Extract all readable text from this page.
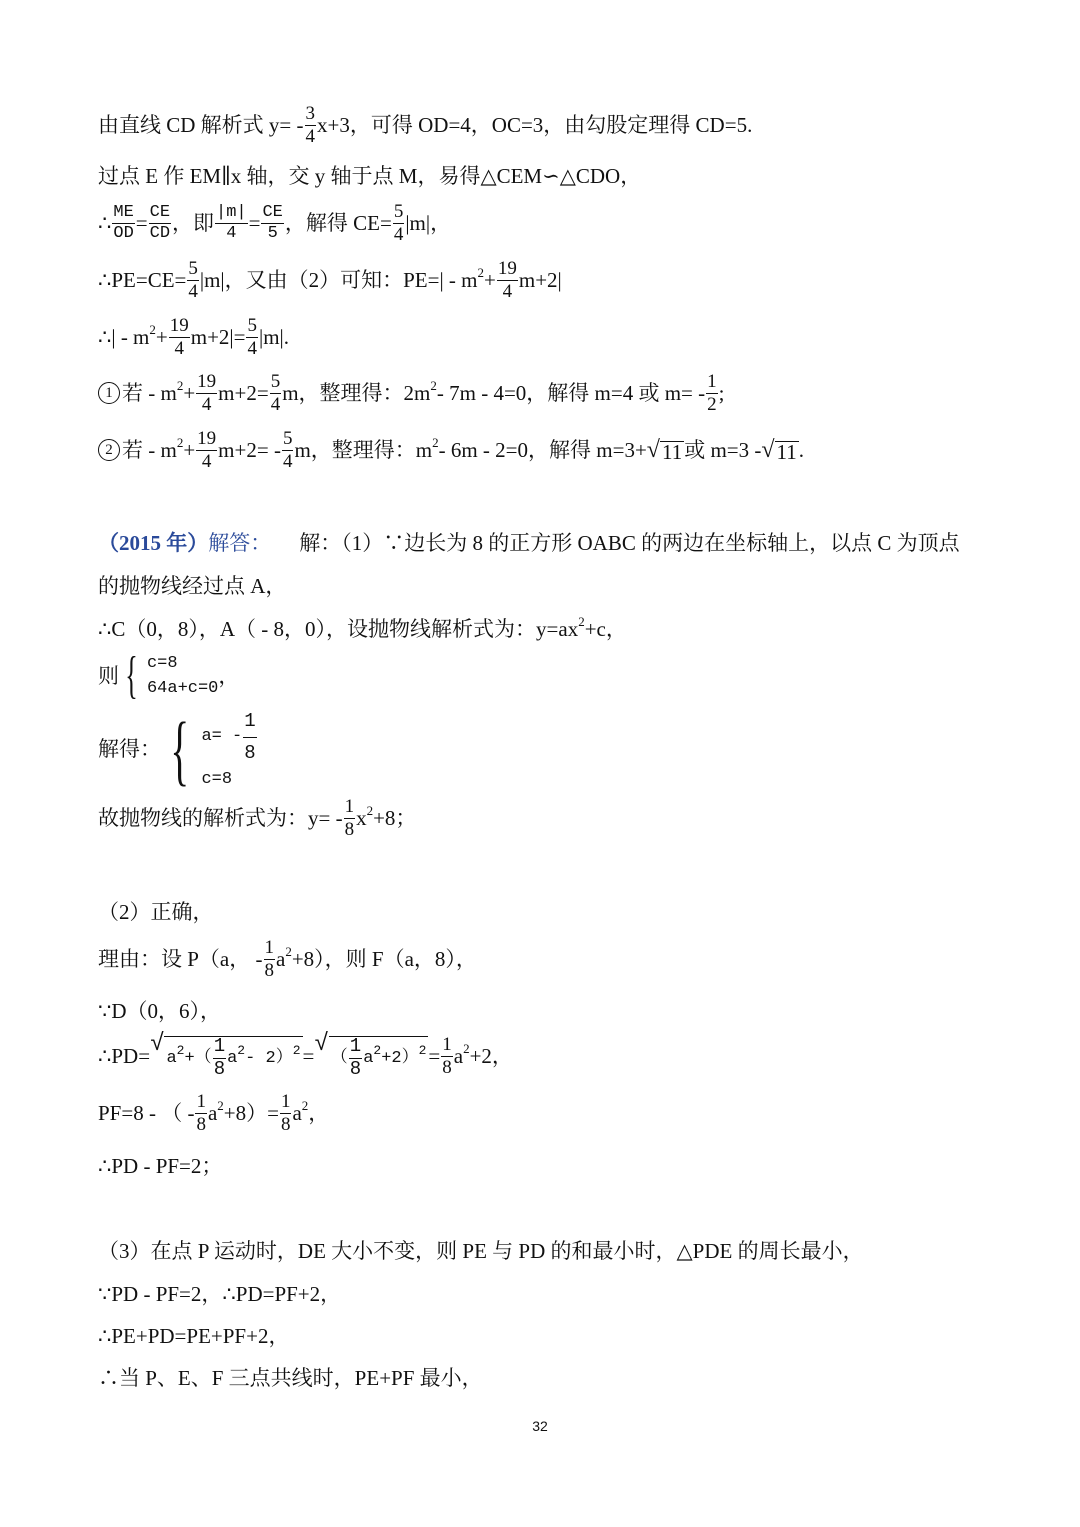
由直线 CD 解析式 $y= - \frac{3}{4} x+3$，可得 OD=4，OC=3，由勾股定理得 CD=5.
过点 E 作 EM∥x 轴，交 y 轴于点 M，易得△CEM∽△CDO，
∴ $\frac{ME}{OD} = \frac{CE}{CD}$ ，即 $\frac{|m|}{4} = \frac{CE}{5}$ ，解得 $CE= \frac{5}{4} |m|$，
∴PE=CE= $\frac{5}{4} |m|$，又由（2）可知：PE=| - m $2 + \frac{19}{4} m+2|$
∴| - m $2 + \frac{19}{4} m+2|= \frac{5}{4} |m|$.
1 若 - m $2 + \frac{19}{4} m+2= \frac{5}{4}$ m，整理得：2m 2 - 7m - 4=0，解得 m=4 或 $m= - \frac{1}{2}$ ;
2 若 - m $2 + \frac{19}{4} m+2= - \frac{5}{4}$ m，整理得：m 2 - 6m - 2=0，解得 m=3+ √ 11 或 m=3 - √ 11 .
（2015 年） 解答： 解：（1）∵边长为 8 的正方形 OABC 的两边在坐标轴上，以点 C 为顶点
的抛物线经过点 A，
∴C（0，8），A（ - 8，0），设抛物线解析式为：y=ax 2 +c，
则 { c=8
64a+c=0
，
解得： { $a= - \frac{1}{8}$
c=8
故抛物线的解析式为：$y= - \frac{1}{8}$ x 2 +8；
（2）正确，
理由：设 P（a， - $\frac{1}{8}$ a 2 +8），则 F（a，8），
∵D（0，6），
∴PD= √
a 2 +（ $\frac{1}{8}$ a 2 - 2） 2 = √
（ $\frac{1}{8}$ a 2 +2） $2 = \frac{1}{8}$ a 2 +2，
PF=8 - （ - $\frac{1}{8}$ a $2 +8)= \frac{1}{8}$ a 2 ，
∴PD - PF=2；
（3）在点 P 运动时，DE 大小不变，则 PE 与 PD 的和最小时，△PDE 的周长最小，
∵PD - PF=2，∴PD=PF+2，
∴PE+PD=PE+PF+2，
∴当 P、E、F 三点共线时，PE+PF 最小，
32
